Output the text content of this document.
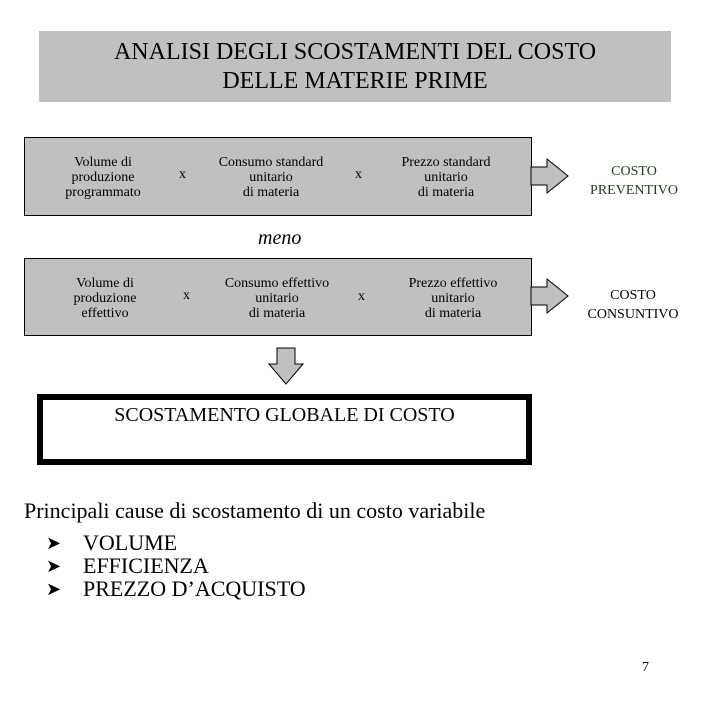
ANALISI DEGLI SCOSTAMENTI DEL COSTO
DELLE MATERIE PRIME
Volume di
produzione
programmato
x
Consumo standard
unitario
di materia
x
Prezzo standard
unitario
di materia
COSTO
PREVENTIVO
meno
Volume di
produzione
effettivo
x
Consumo effettivo
unitario
di materia
x
Prezzo effettivo
unitario
di materia
COSTO
CONSUNTIVO
SCOSTAMENTO GLOBALE DI COSTO
Principali cause di scostamento di un costo variabile
➤ VOLUME
➤ EFFICIENZA
➤ PREZZO D’ACQUISTO
7
